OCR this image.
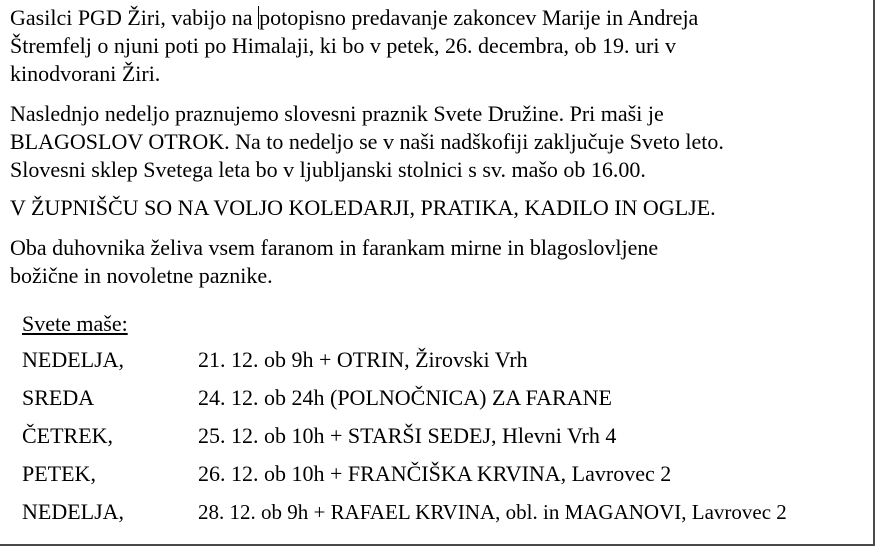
Gasilci PGD Žiri, vabijo na potopisno predavanje zakoncev Marije in Andreja
Štremfelj o njuni poti po Himalaji, ki bo v petek, 26. decembra, ob 19. uri v
kinodvorani Žiri.

Naslednjo nedeljo praznujemo slovesni praznik Svete Družine. Pri maši je
BLAGOSLOV OTROK. Na to nedeljo se v naši nadškofiji zaključuje Sveto leto.
Slovesni sklep Svetega leta bo v ljubljanski stolnici s sv. mašo ob 16.00.

V ŽUPNIŠČU SO NA VOLJO KOLEDARJI, PRATIKA, KADILO IN OGLJE.

Oba duhovnika želiva vsem faranom in farankam mirne in blagoslovljene
božične in novoletne paznike.

Svete maše:
NEDELJA,	21. 12. ob 9h + OTRIN, Žirovski Vrh
SREDA	24. 12. ob 24h (POLNOČNICA) ZA FARANE
ČETREK,	25. 12. ob 10h + STARŠI SEDEJ, Hlevni Vrh 4
PETEK,	26. 12. ob 10h + FRANČIŠKA KRVINA, Lavrovec 2
NEDELJA,	28. 12. ob 9h + RAFAEL KRVINA, obl. in MAGANOVI, Lavrovec 2
